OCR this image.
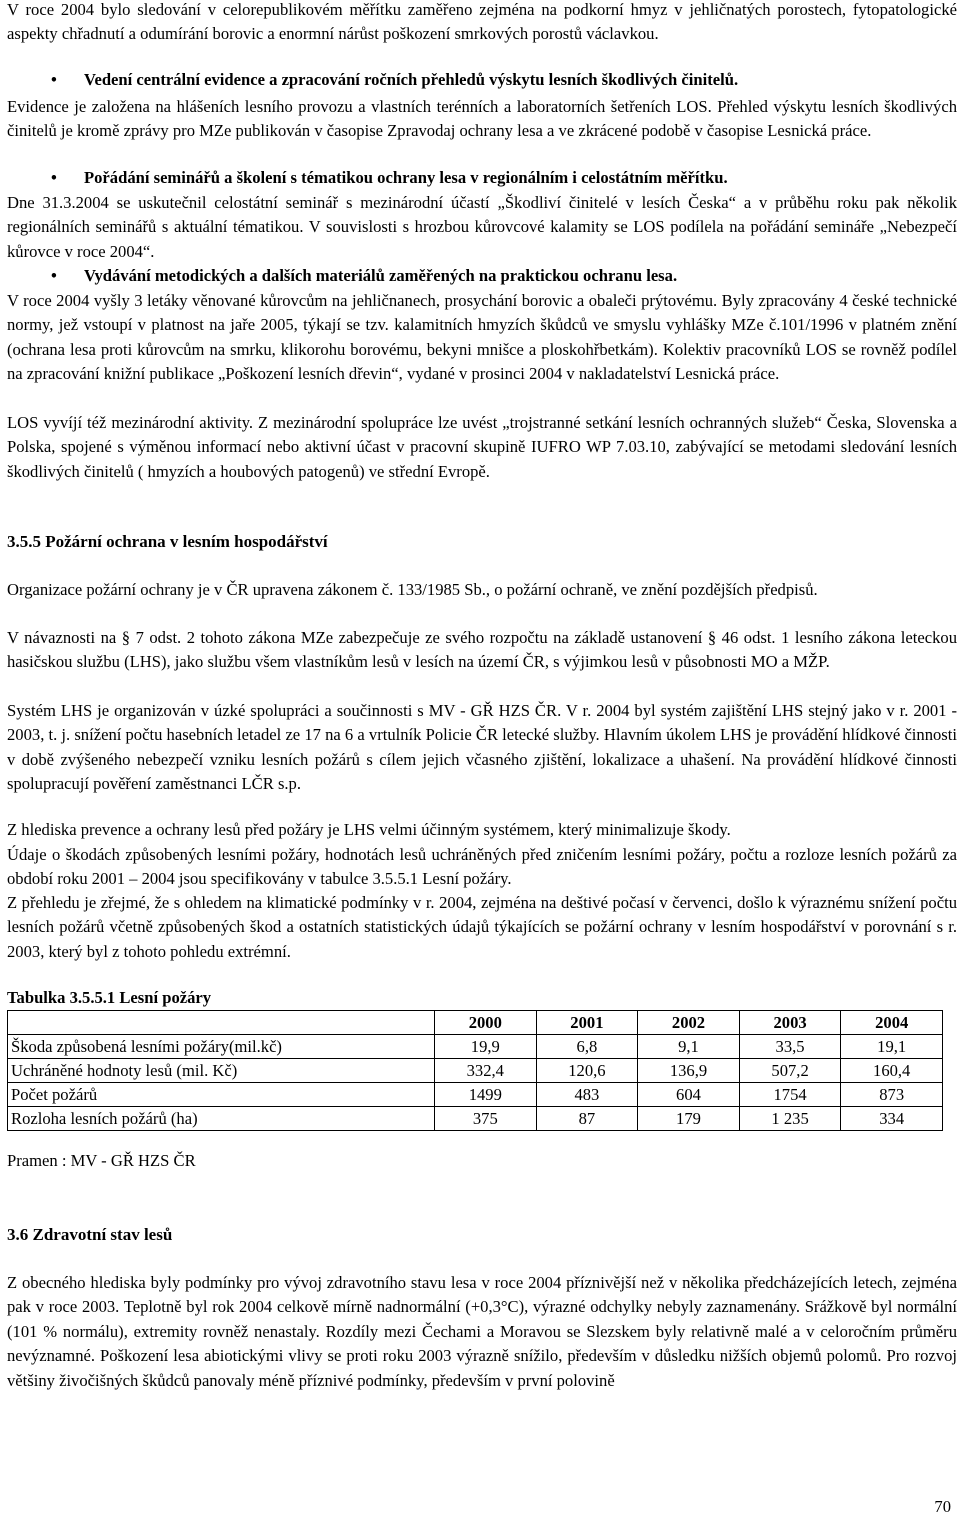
V roce 2004 bylo sledování v celorepublikovém měřítku zaměřeno zejména na podkorní hmyz v jehličnatých porostech, fytopatologické aspekty chřadnutí a odumírání borovic a enormní nárůst poškození smrkových porostů václavkou.

• Vedení centrální evidence a zpracování ročních přehledů výskytu lesních škodlivých činitelů.

Evidence je založena na hlášeních lesního provozu a vlastních terénních a laboratorních šetřeních LOS. Přehled výskytu lesních škodlivých činitelů je kromě zprávy pro MZe publikován v časopise Zpravodaj ochrany lesa a ve zkrácené podobě v časopise Lesnická práce.

• Pořádání seminářů a školení s tématikou ochrany lesa v regionálním i celostátním měřítku.

Dne 31.3.2004 se uskutečnil celostátní seminář s mezinárodní účastí „Škodliví činitelé v lesích Česka“ a v průběhu roku pak několik regionálních seminářů s aktuální tématikou. V souvislosti s hrozbou kůrovcové kalamity se LOS podílela na pořádání semináře „Nebezpečí kůrovce v roce 2004“.

• Vydávání metodických a dalších materiálů zaměřených na praktickou ochranu lesa.

V roce 2004 vyšly 3 letáky věnované kůrovcům na jehličnanech, prosychání borovic a obaleči prýtovému. Byly zpracovány 4 české technické normy, jež vstoupí v platnost na jaře 2005, týkají se tzv. kalamitních hmyzích škůdců ve smyslu vyhlášky MZe č.101/1996 v platném znění (ochrana lesa proti kůrovcům na smrku, klikorohu borovému, bekyni mnišce a ploskohřbetkám). Kolektiv pracovníků LOS se rovněž podílel na zpracování knižní publikace „Poškození lesních dřevin“, vydané v prosinci 2004 v nakladatelství Lesnická práce.

LOS vyvíjí též mezinárodní aktivity. Z mezinárodní spolupráce lze uvést „trojstranné setkání lesních ochranných služeb“ Česka, Slovenska a Polska, spojené s výměnou informací nebo aktivní účast v pracovní skupině IUFRO WP 7.03.10, zabývající se metodami sledování lesních škodlivých činitelů ( hmyzích a houbových patogenů) ve střední Evropě.

3.5.5 Požární ochrana v lesním hospodářství

Organizace požární ochrany je v ČR upravena zákonem č. 133/1985 Sb., o požární ochraně, ve znění pozdějších předpisů.

V návaznosti na § 7 odst. 2 tohoto zákona MZe zabezpečuje ze svého rozpočtu na základě ustanovení § 46 odst. 1 lesního zákona leteckou hasičskou službu (LHS), jako službu všem vlastníkům lesů v lesích na území ČR, s výjimkou lesů v působnosti MO a MŽP.

Systém LHS je organizován v úzké spolupráci a součinnosti s MV - GŘ HZS ČR. V r. 2004 byl systém zajištění LHS stejný jako v r. 2001 - 2003, t. j. snížení počtu hasebních letadel ze 17 na 6 a vrtulník Policie ČR letecké služby. Hlavním úkolem LHS je provádění hlídkové činnosti v době zvýšeného nebezpečí vzniku lesních požárů s cílem jejich včasného zjištění, lokalizace a uhašení. Na provádění hlídkové činnosti spolupracují pověření zaměstnanci LČR s.p.

Z hlediska prevence a ochrany lesů před požáry je LHS velmi účinným systémem, který minimalizuje škody.

Údaje o škodách způsobených lesními požáry, hodnotách lesů uchráněných před zničením lesními požáry, počtu a rozloze lesních požárů za období roku 2001 – 2004 jsou specifikovány v tabulce 3.5.5.1 Lesní požáry.

Z přehledu je zřejmé, že s ohledem na klimatické podmínky v r. 2004, zejména na deštivé počasí v červenci, došlo k výraznému snížení počtu lesních požárů včetně způsobených škod a ostatních statistických údajů týkajících se požární ochrany v lesním hospodářství v porovnání s r. 2003, který byl z tohoto pohledu extrémní.

Tabulka 3.5.5.1 Lesní požáry
	2000	2001	2002	2003	2004
Škoda způsobená lesními požáry(mil.kč)	19,9	6,8	9,1	33,5	19,1
Uchráněné hodnoty lesů (mil. Kč)	332,4	120,6	136,9	507,2	160,4
Počet požárů	1499	483	604	1754	873
Rozloha lesních požárů (ha)	375	87	179	1 235	334
Pramen : MV - GŘ HZS ČR
3.6 Zdravotní stav lesů

Z obecného hlediska byly podmínky pro vývoj zdravotního stavu lesa v roce 2004 příznivější než v několika předcházejících letech, zejména pak v roce 2003. Teplotně byl rok 2004 celkově mírně nadnormální (+0,3°C), výrazné odchylky nebyly zaznamenány. Srážkově byl normální (101 % normálu), extremity rovněž nenastaly. Rozdíly mezi Čechami a Moravou se Slezskem byly relativně malé a v celoročním průměru nevýznamné. Poškození lesa abiotickými vlivy se proti roku 2003 výrazně snížilo, především v důsledku nižších objemů polomů. Pro rozvoj většiny živočišných škůdců panovaly méně příznivé podmínky, především v první polovině

70
